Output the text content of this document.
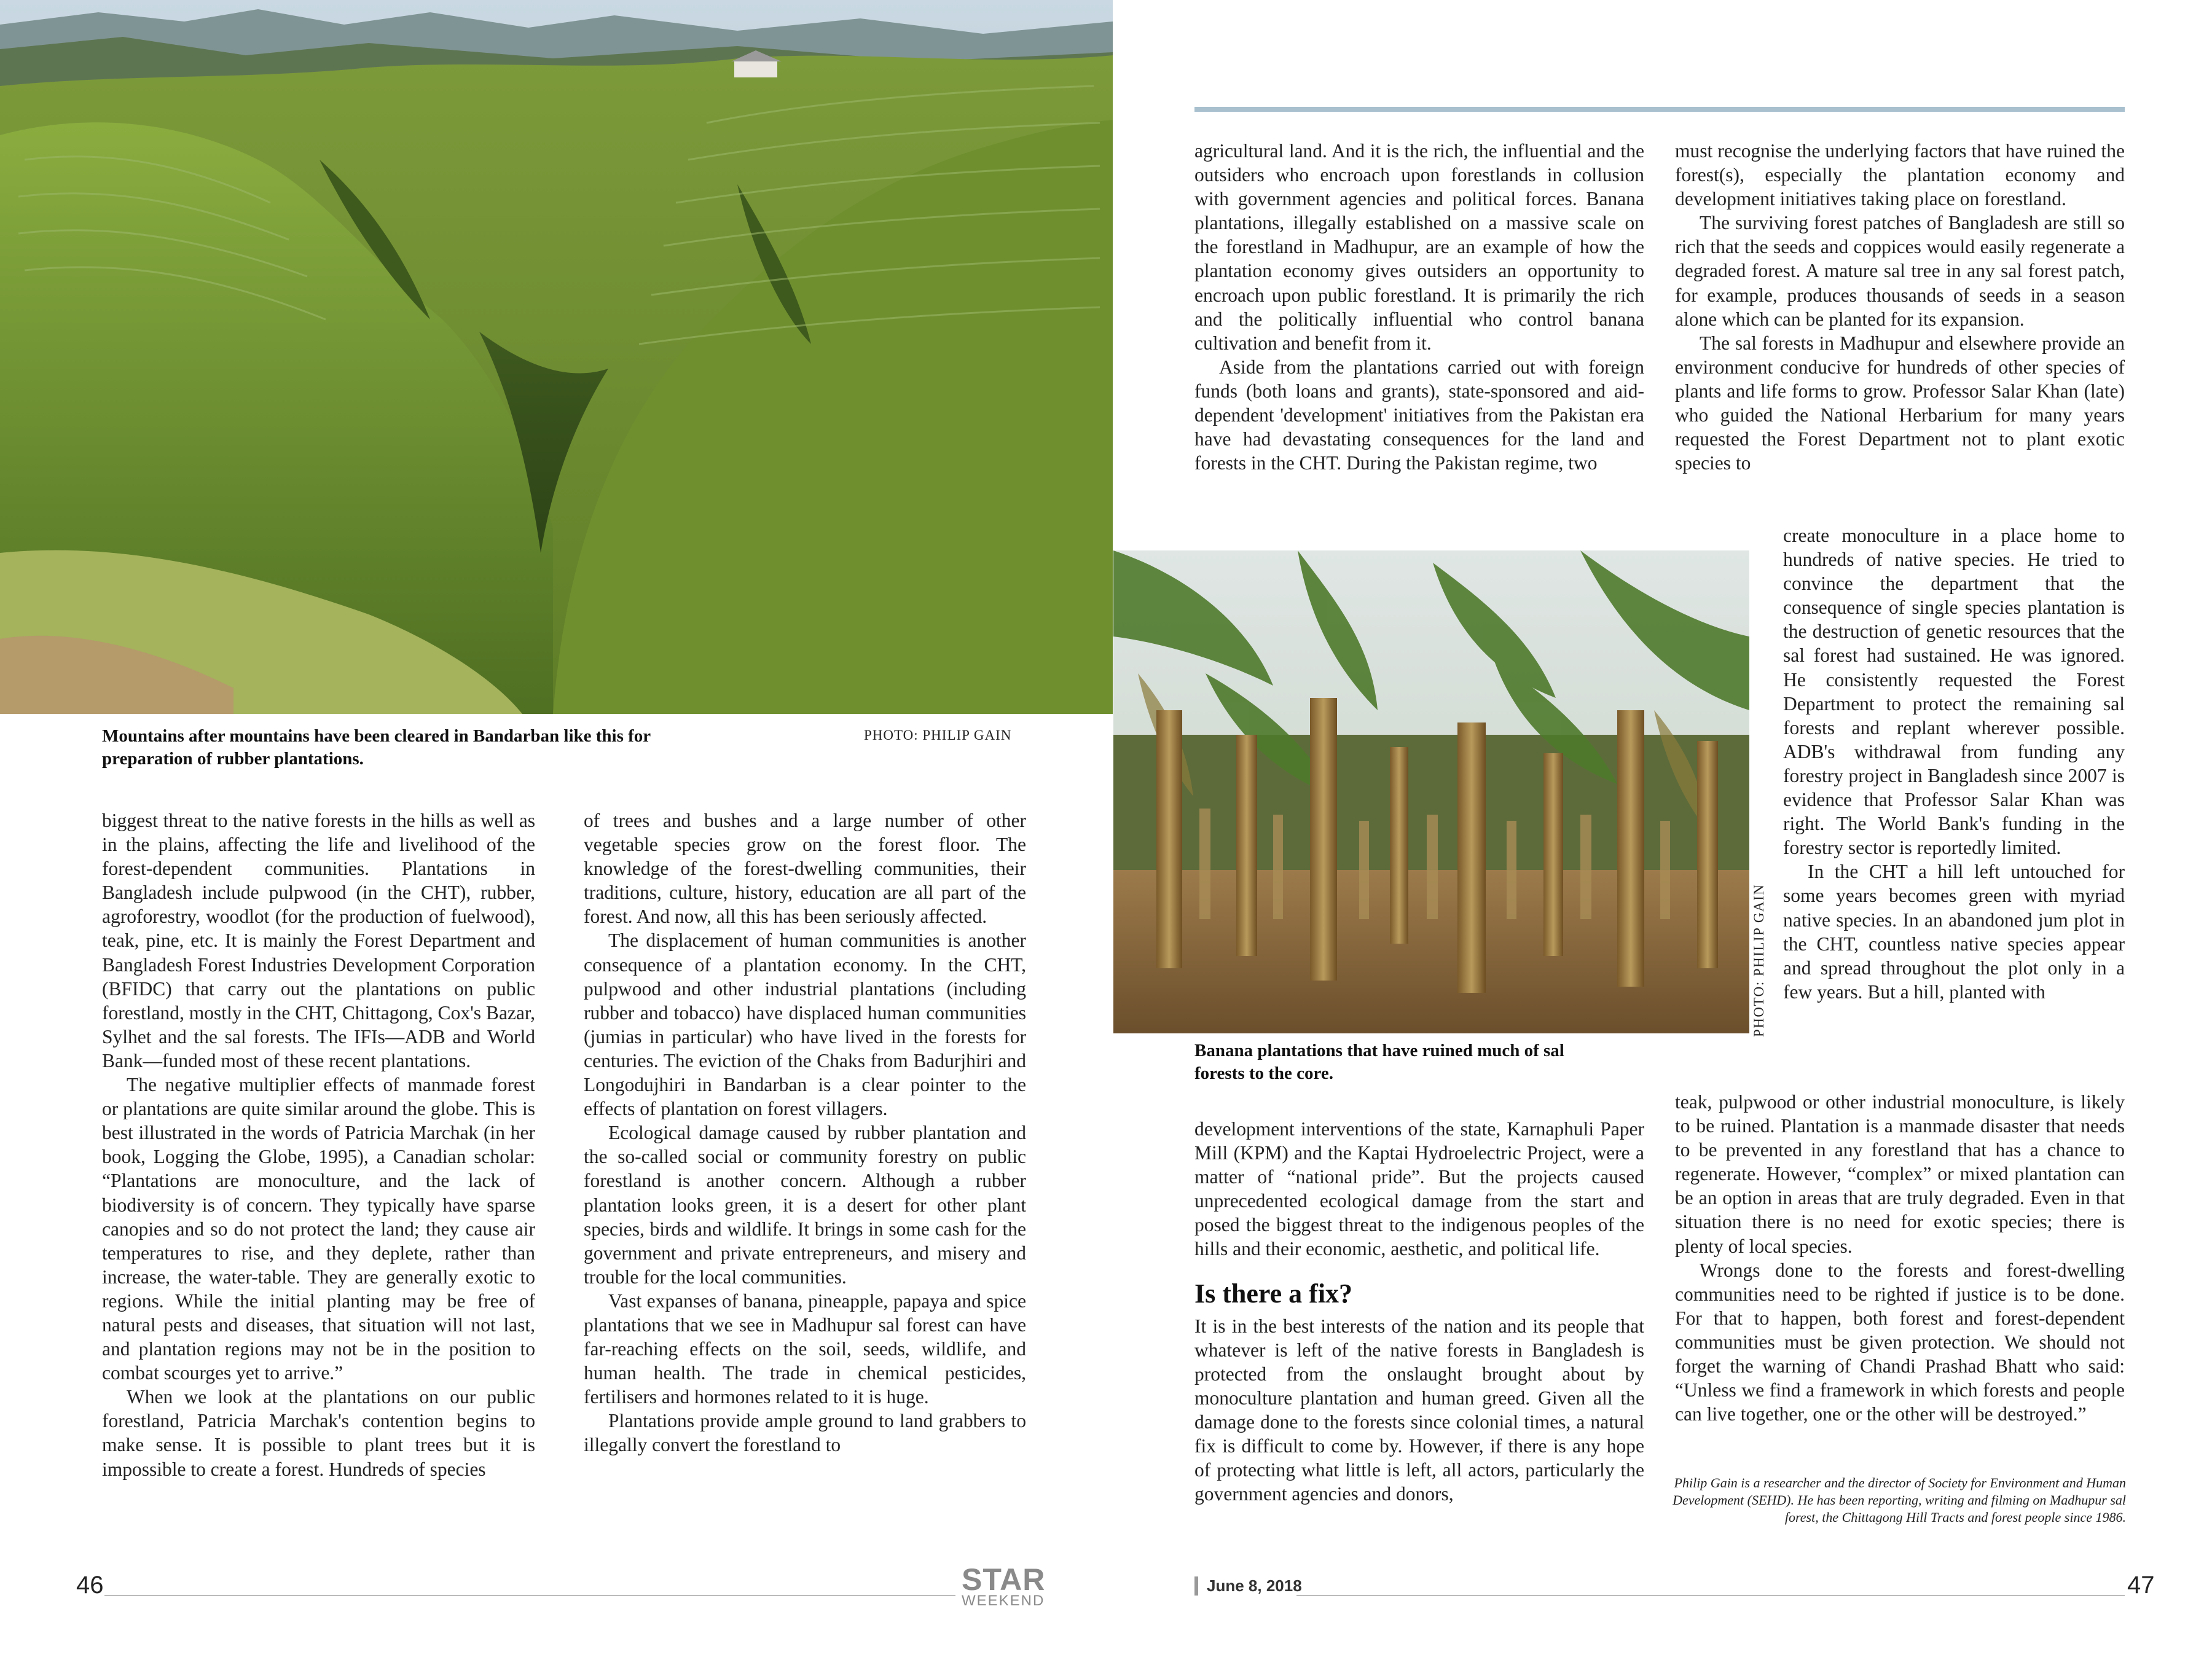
Mountains after mountains have been cleared in Bandarban like this for preparation of rubber plantations.
PHOTO: PHILIP GAIN

biggest threat to the native forests in the hills as well as in the plains, affecting the life and livelihood of the forest-dependent communities. Plantations in Bangladesh include pulpwood (in the CHT), rubber, agroforestry, woodlot (for the production of fuelwood), teak, pine, etc. It is mainly the Forest Department and Bangladesh Forest Industries Development Corporation (BFIDC) that carry out the plantations on public forestland, mostly in the CHT, Chittagong, Cox's Bazar, Sylhet and the sal forests. The IFIs—ADB and World Bank—funded most of these recent plantations.

The negative multiplier effects of manmade forest or plantations are quite similar around the globe. This is best illustrated in the words of Patricia Marchak (in her book, Logging the Globe, 1995), a Canadian scholar: “Plantations are monoculture, and the lack of biodiversity is of concern. They typically have sparse canopies and so do not protect the land; they cause air temperatures to rise, and they deplete, rather than increase, the water-table. They are generally exotic to regions. While the initial planting may be free of natural pests and diseases, that situation will not last, and plantation regions may not be in the position to combat scourges yet to arrive.”

When we look at the plantations on our public forestland, Patricia Marchak's contention begins to make sense. It is possible to plant trees but it is impossible to create a forest. Hundreds of species

of trees and bushes and a large number of other vegetable species grow on the forest floor. The knowledge of the forest-dwelling communities, their traditions, culture, history, education are all part of the forest. And now, all this has been seriously affected.

The displacement of human communities is another consequence of a plantation economy. In the CHT, pulpwood and other industrial plantations (including rubber and tobacco) have displaced human communities (jumias in particular) who have lived in the forests for centuries. The eviction of the Chaks from Badurjhiri and Longodujhiri in Bandarban is a clear pointer to the effects of plantation on forest villagers.

Ecological damage caused by rubber plantation and the so-called social or community forestry on public forestland is another concern. Although a rubber plantation looks green, it is a desert for other plant species, birds and wildlife. It brings in some cash for the government and private entrepreneurs, and misery and trouble for the local communities.

Vast expanses of banana, pineapple, papaya and spice plantations that we see in Madhupur sal forest can have far-reaching effects on the soil, seeds, wildlife, and human health. The trade in chemical pesticides, fertilisers and hormones related to it is huge.

Plantations provide ample ground to land grabbers to illegally convert the forestland to

46	STAR
WEEKEND

agricultural land. And it is the rich, the influential and the outsiders who encroach upon forestlands in collusion with government agencies and political forces. Banana plantations, illegally established on a massive scale on the forestland in Madhupur, are an example of how the plantation economy gives outsiders an opportunity to encroach upon public forestland. It is primarily the rich and the politically influential who control banana cultivation and benefit from it.

Aside from the plantations carried out with foreign funds (both loans and grants), state-sponsored and aid-dependent 'development' initiatives from the Pakistan era have had devastating consequences for the land and forests in the CHT. During the Pakistan regime, two

PHOTO: PHILIP GAIN
Banana plantations that have ruined much of sal forests to the core.

development interventions of the state, Karnaphuli Paper Mill (KPM) and the Kaptai Hydroelectric Project, were a matter of “national pride”. But the projects caused unprecedented ecological damage from the start and posed the biggest threat to the indigenous peoples of the hills and their economic, aesthetic, and political life.

Is there a fix?

It is in the best interests of the nation and its people that whatever is left of the native forests in Bangladesh is protected from the onslaught brought about by monoculture plantation and human greed. Given all the damage done to the forests since colonial times, a natural fix is difficult to come by. However, if there is any hope of protecting what little is left, all actors, particularly the government agencies and donors,

must recognise the underlying factors that have ruined the forest(s), especially the plantation economy and development initiatives taking place on forestland.

The surviving forest patches of Bangladesh are still so rich that the seeds and coppices would easily regenerate a degraded forest. A mature sal tree in any sal forest patch, for example, produces thousands of seeds in a season alone which can be planted for its expansion.

The sal forests in Madhupur and elsewhere provide an environment conducive for hundreds of other species of plants and life forms to grow. Professor Salar Khan (late) who guided the National Herbarium for many years requested the Forest Department not to plant exotic species to

create monoculture in a place home to hundreds of native species. He tried to convince the department that the consequence of single species plantation is the destruction of genetic resources that the sal forest had sustained. He was ignored. He consistently requested the Forest Department to protect the remaining sal forests and replant wherever possible. ADB's withdrawal from funding any forestry project in Bangladesh since 2007 is evidence that Professor Salar Khan was right. The World Bank's funding in the forestry sector is reportedly limited.

In the CHT a hill left untouched for some years becomes green with myriad native species. In an abandoned jum plot in the CHT, countless native species appear and spread throughout the plot only in a few years. But a hill, planted with

teak, pulpwood or other industrial monoculture, is likely to be ruined. Plantation is a manmade disaster that needs to be prevented in any forestland that has a chance to regenerate. However, “complex” or mixed plantation can be an option in areas that are truly degraded. Even in that situation there is no need for exotic species; there is plenty of local species.

Wrongs done to the forests and forest-dwelling communities need to be righted if justice is to be done. For that to happen, both forest and forest-dependent communities must be given protection. We should not forget the warning of Chandi Prashad Bhatt who said: “Unless we find a framework in which forests and people can live together, one or the other will be destroyed.”

Philip Gain is a researcher and the director of Society for Environment and Human Development (SEHD). He has been reporting, writing and filming on Madhupur sal forest, the Chittagong Hill Tracts and forest people since 1986.
June 8, 2018	47
